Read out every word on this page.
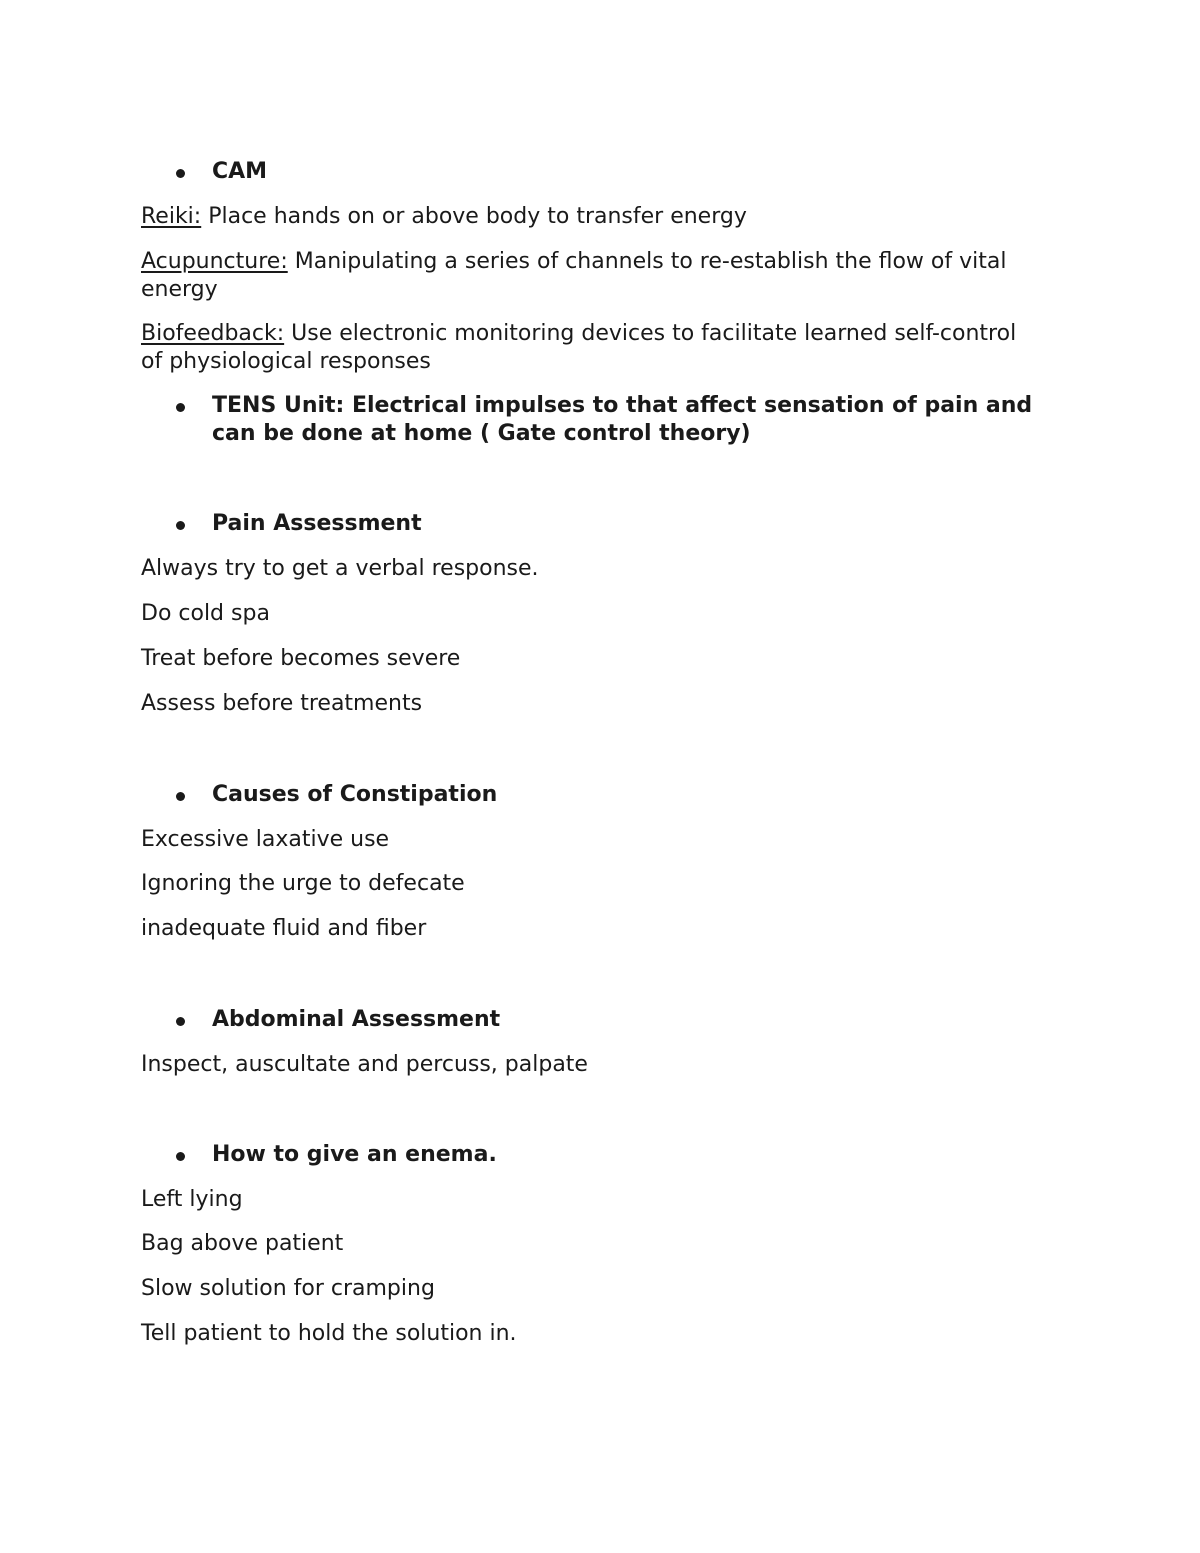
CAM

Reiki: Place hands on or above body to transfer energy

Acupuncture: Manipulating a series of channels to re-establish the flow of vital energy

Biofeedback: Use electronic monitoring devices to facilitate learned self-control of physiological responses

TENS Unit: Electrical impulses to that affect sensation of pain and can be done at home ( Gate control theory)
Pain Assessment

Always try to get a verbal response.

Do cold spa

Treat before becomes severe

Assess before treatments

Causes of Constipation

Excessive laxative use

Ignoring the urge to defecate

inadequate fluid and fiber

Abdominal Assessment

Inspect, auscultate and percuss, palpate

How to give an enema.

Left lying

Bag above patient

Slow solution for cramping

Tell patient to hold the solution in.
